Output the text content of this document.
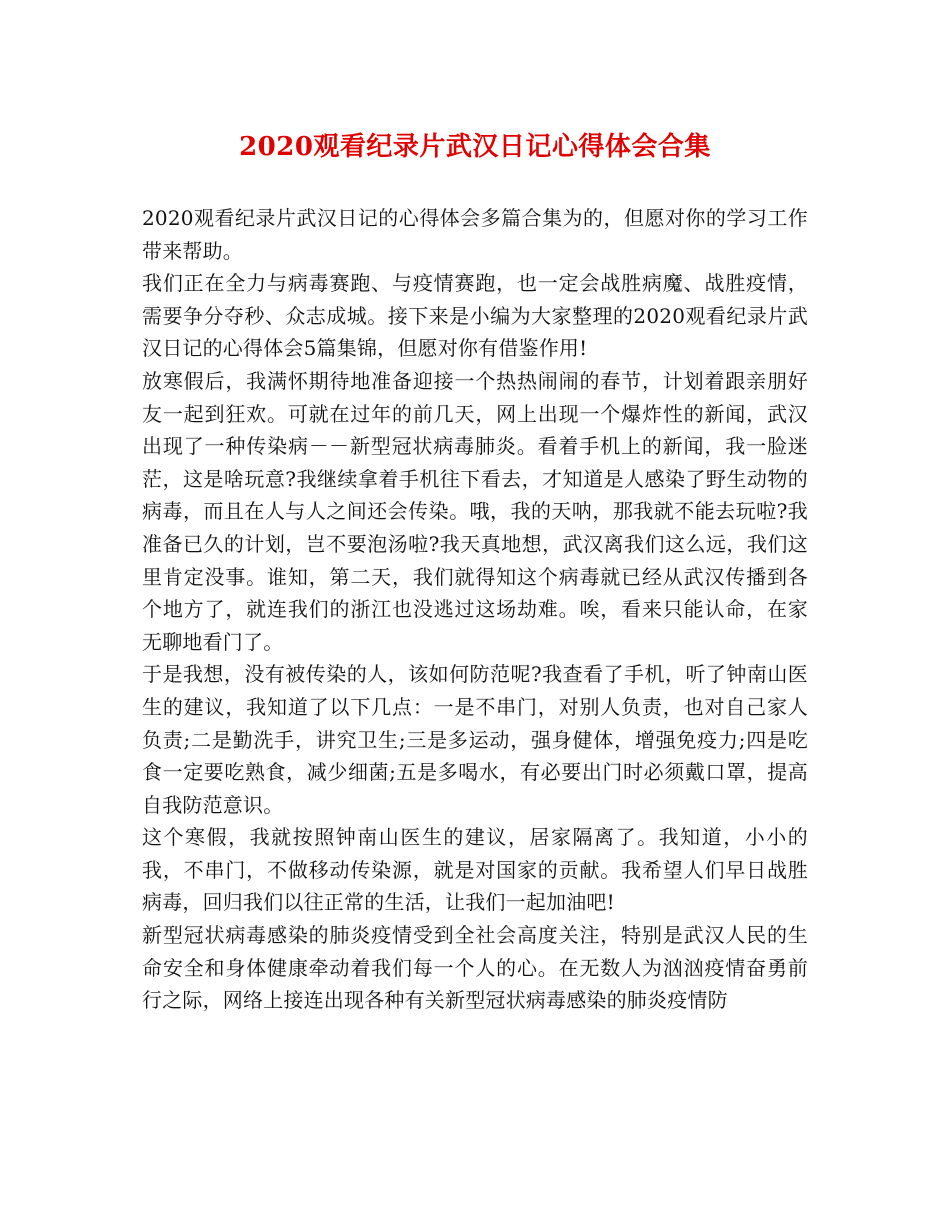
2020观看纪录片武汉日记心得体会合集

2020观看纪录片武汉日记的心得体会多篇合集为的，但愿对你的学习工作带来帮助。

我们正在全力与病毒赛跑、与疫情赛跑，也一定会战胜病魔、战胜疫情，需要争分夺秒、众志成城。接下来是小编为大家整理的2020观看纪录片武汉日记的心得体会5篇集锦，但愿对你有借鉴作用!

放寒假后，我满怀期待地准备迎接一个热热闹闹的春节，计划着跟亲朋好友一起到狂欢。可就在过年的前几天，网上出现一个爆炸性的新闻，武汉出现了一种传染病－－新型冠状病毒肺炎。看着手机上的新闻，我一脸迷茫，这是啥玩意?我继续拿着手机往下看去，才知道是人感染了野生动物的病毒，而且在人与人之间还会传染。哦，我的天呐，那我就不能去玩啦?我准备已久的计划，岂不要泡汤啦?我天真地想，武汉离我们这么远，我们这里肯定没事。谁知，第二天，我们就得知这个病毒就已经从武汉传播到各个地方了，就连我们的浙江也没逃过这场劫难。唉，看来只能认命，在家无聊地看门了。

于是我想，没有被传染的人，该如何防范呢?我查看了手机，听了钟南山医生的建议，我知道了以下几点：一是不串门，对别人负责，也对自己家人负责;二是勤洗手，讲究卫生;三是多运动，强身健体，增强免疫力;四是吃食一定要吃熟食，减少细菌;五是多喝水，有必要出门时必须戴口罩，提高自我防范意识。

这个寒假，我就按照钟南山医生的建议，居家隔离了。我知道，小小的我，不串门，不做移动传染源，就是对国家的贡献。我希望人们早日战胜病毒，回归我们以往正常的生活，让我们一起加油吧!

新型冠状病毒感染的肺炎疫情受到全社会高度关注，特别是武汉人民的生命安全和身体健康牵动着我们每一个人的心。在无数人为汹汹疫情奋勇前行之际，网络上接连出现各种有关新型冠状病毒感染的肺炎疫情防
